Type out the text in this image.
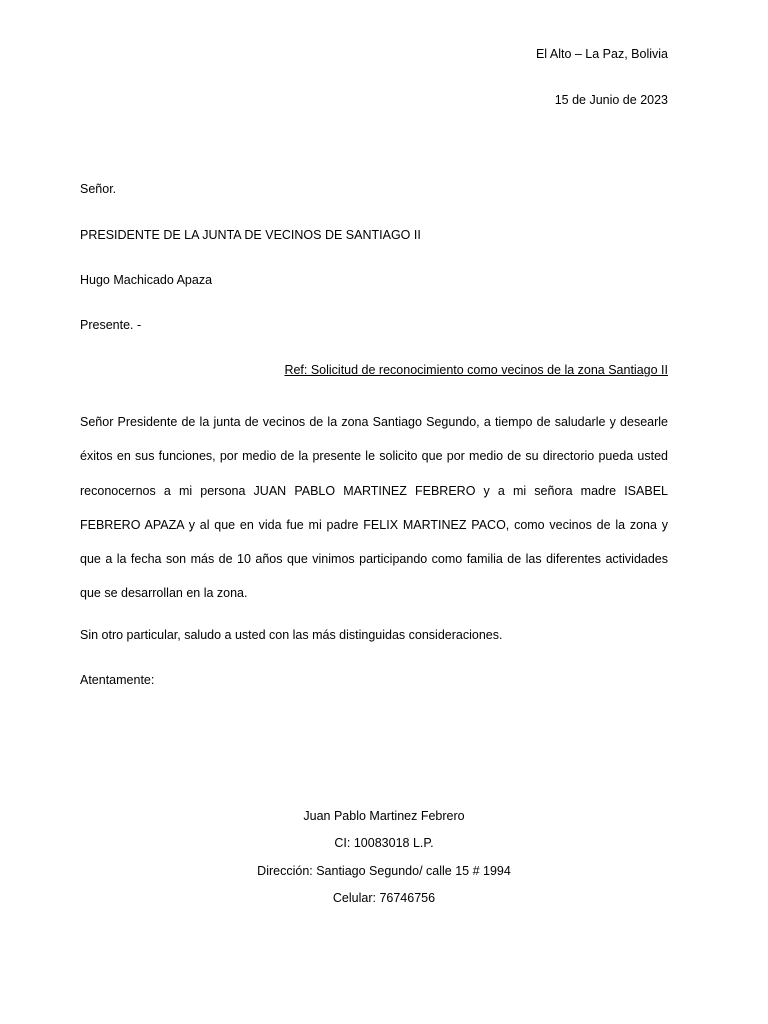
El Alto – La Paz, Bolivia
15 de Junio de 2023
Señor.
PRESIDENTE DE LA JUNTA DE VECINOS DE SANTIAGO II
Hugo Machicado Apaza
Presente. -
Ref: Solicitud de reconocimiento como vecinos de la zona Santiago II
Señor Presidente de la junta de vecinos de la zona Santiago Segundo, a tiempo de saludarle y desearle éxitos en sus funciones, por medio de la presente le solicito que por medio de su directorio pueda usted reconocernos a mi persona JUAN PABLO MARTINEZ FEBRERO y a mi señora madre ISABEL FEBRERO APAZA y al que en vida fue mi padre FELIX MARTINEZ PACO, como vecinos de la zona y que a la fecha son más de 10 años que vinimos participando como familia de las diferentes actividades que se desarrollan en la zona.
Sin otro particular, saludo a usted con las más distinguidas consideraciones.
Atentamente:
Juan Pablo Martinez Febrero
CI: 10083018 L.P.
Dirección: Santiago Segundo/ calle 15 # 1994
Celular: 76746756
